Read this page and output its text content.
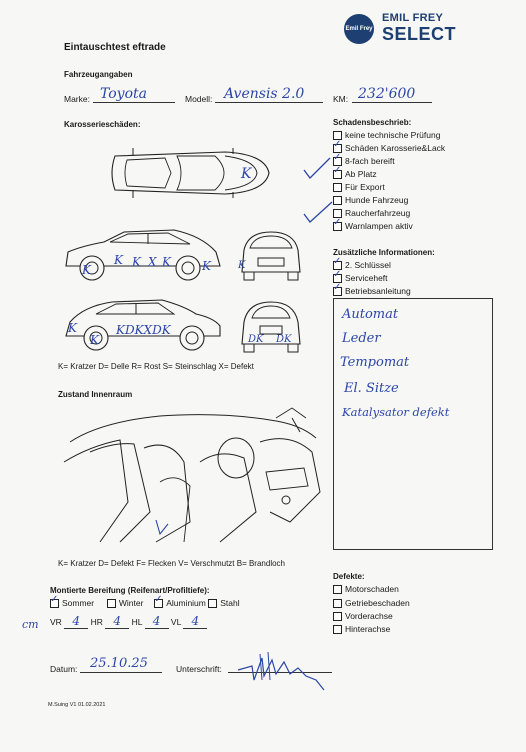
Emil Frey
EMIL FREY
SELECT
Eintauschtest eftrade
Fahrzeugangaben
Marke: Toyota	Modell: Avensis 2.0	KM: 232'600
Karosserieschäden:
K
K
K K X K	K	K
K
K
KDKXDK
DK DK
K= Kratzer D= Delle R= Rost S= Steinschlag X= Defekt
Schadensbeschrieb:
keine technische Prüfung
✓Schäden Karosserie&Lack
✓8-fach bereift
✓Ab Platz
Für Export
Hunde Fahrzeug
Raucherfahrzeug
✓Warnlampen aktiv
Zusätzliche Informationen:
✓2. Schlüssel
✓Serviceheft
✓Betriebsanleitung
Automat
Leder
Tempomat
El. Sitze
Katalysator defekt
Zustand Innenraum
K= Kratzer D= Defekt F= Flecken V= Verschmutzt B= Brandloch
Montierte Bereifung (Reifenart/Profiltiefe):
✓Sommer	Winter  ✓	Aluminium Stahl
cm VR 4 HR 4 HL 4 VL 4
Defekte:
Motorschaden
Getriebeschaden
Vorderachse
Hinterachse
Datum: 25.10.25	Unterschrift:
M.Suing V1 01.02.2021
